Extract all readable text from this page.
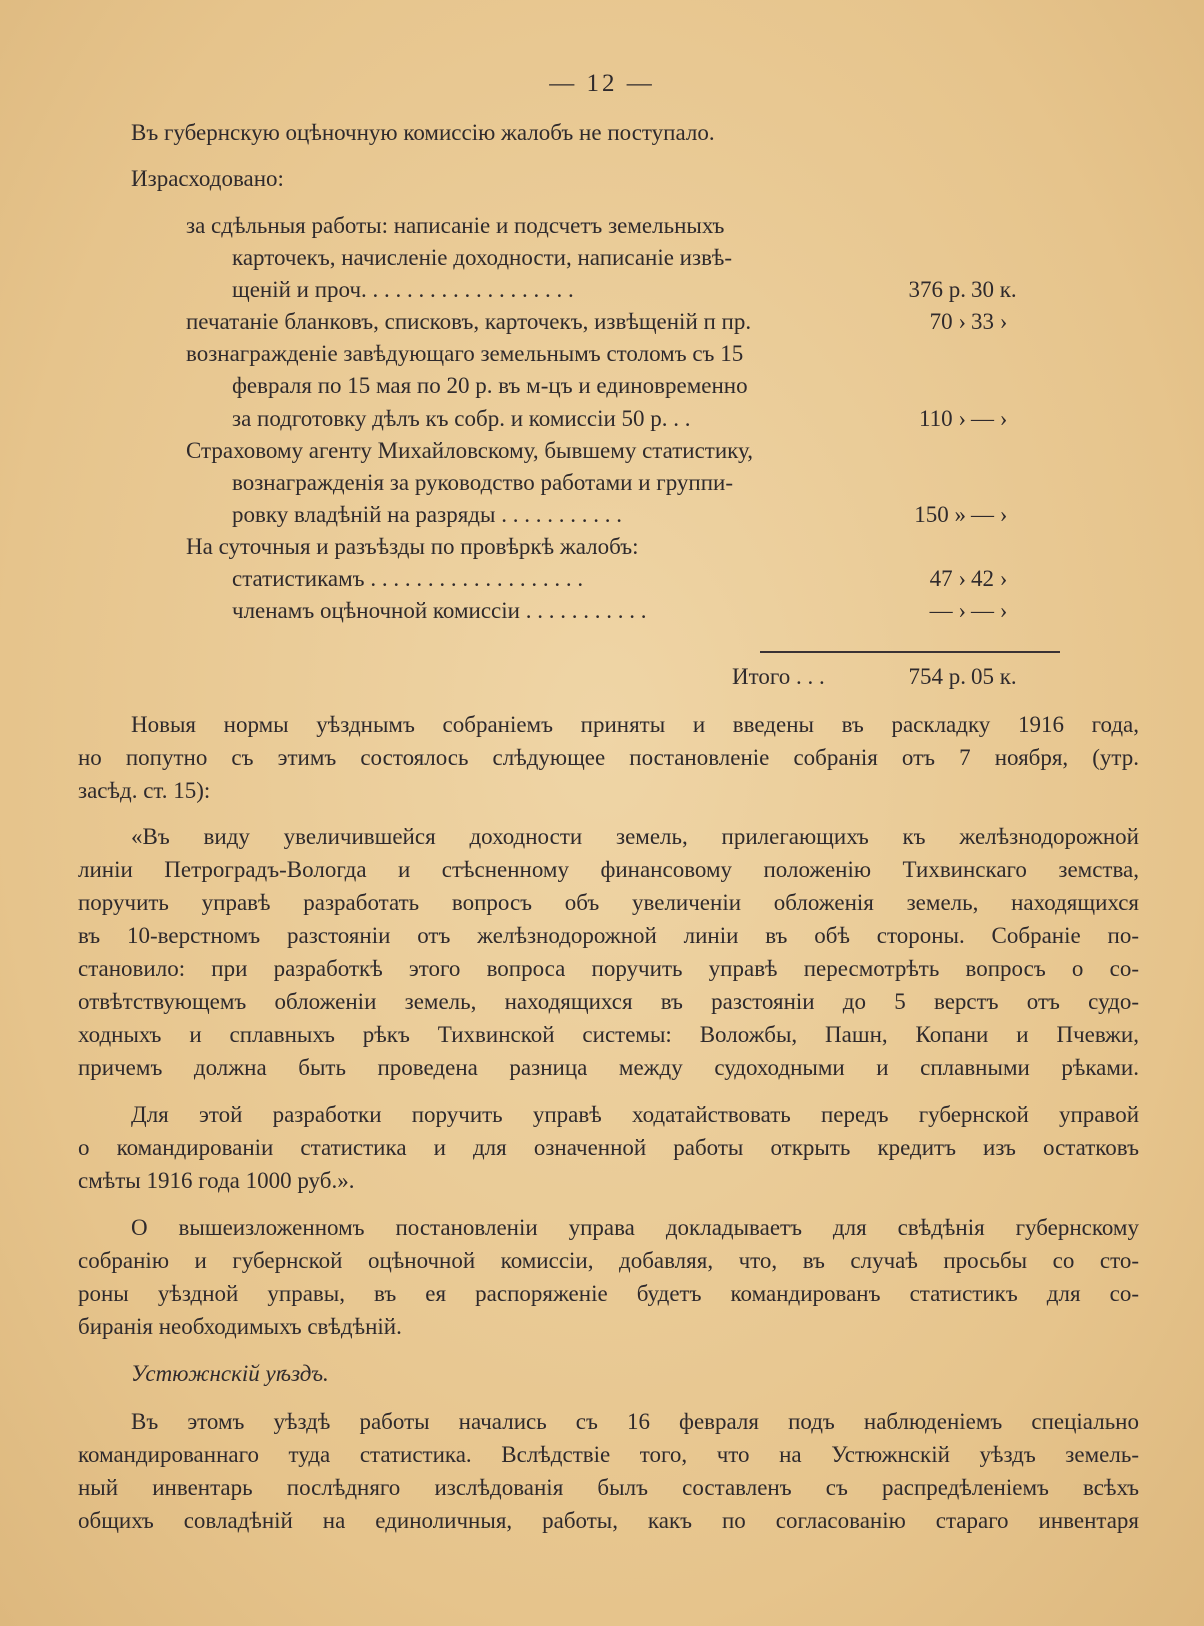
— 12 —
Въ губернскую оцѣночную комиссію жалобъ не поступало.
Израсходовано:
за сдѣльныя работы: написаніе и подсчетъ земельныхъ
карточекъ, начисленіе доходности, написаніе извѣ-
щеній и проч. . . . . . . . . . . . . . . . . . .	376 р. 30 к.
печатаніе бланковъ, списковъ, карточекъ, извѣщеній п пр.	70 › 33 ›
вознагражденіе завѣдующаго земельнымъ столомъ съ 15
февраля по 15 мая по 20 р. въ м-цъ и единовременно
за подготовку дѣлъ къ собр. и комиссіи 50 р. . .	110 › — ›
Страховому агенту Михайловскому, бывшему статистику,
вознагражденія за руководство работами и группи-
ровку владѣній на разряды . . . . . . . . . . .	150 » — ›
На суточныя и разъѣзды по провѣркѣ жалобъ:
статистикамъ . . . . . . . . . . . . . . . . . . .	47 › 42 ›
членамъ оцѣночной комиссіи . . . . . . . . . . .	— › — ›
Итого . . .	754 р. 05 к.
Новыя нормы уѣзднымъ собраніемъ приняты и введены въ раскладку 1916 года,
но попутно съ этимъ состоялось слѣдующее постановленіе собранія отъ 7 ноября, (утр.
засѣд. ст. 15):
«Въ виду увеличившейся доходности земель, прилегающихъ къ желѣзнодорожной
линіи Петроградъ-Вологда и стѣсненному финансовому положенію Тихвинскаго земства,
поручить управѣ разработать вопросъ объ увеличеніи обложенія земель, находящихся
въ 10-верстномъ разстояніи отъ желѣзнодорожной линіи въ обѣ стороны. Собраніе по-
становило: при разработкѣ этого вопроса поручить управѣ пересмотрѣть вопросъ о со-
отвѣтствующемъ обложеніи земель, находящихся въ разстояніи до 5 верстъ отъ судо-
ходныхъ и сплавныхъ рѣкъ Тихвинской системы: Воложбы, Пашн, Копани и Пчевжи,
причемъ должна быть проведена разница между судоходными и сплавными рѣками.
Для этой разработки поручить управѣ ходатайствовать передъ губернской управой
о командированіи статистика и для означенной работы открыть кредитъ изъ остатковъ
смѣты 1916 года 1000 руб.».
О вышеизложенномъ постановленіи управа докладываетъ для свѣдѣнія губернскому
собранію и губернской оцѣночной комиссіи, добавляя, что, въ случаѣ просьбы со сто-
роны уѣздной управы, въ ея распоряженіе будетъ командированъ статистикъ для со-
биранія необходимыхъ свѣдѣній.
Устюжнскій уѣздъ.
Въ этомъ уѣздѣ работы начались съ 16 февраля подъ наблюденіемъ спеціально
командированнаго туда статистика. Вслѣдствіе того, что на Устюжнскій уѣздъ земель-
ный инвентарь послѣдняго изслѣдованія былъ составленъ съ распредѣленіемъ всѣхъ
общихъ совладѣній на единоличныя, работы, какъ по согласованію стараго инвентаря
